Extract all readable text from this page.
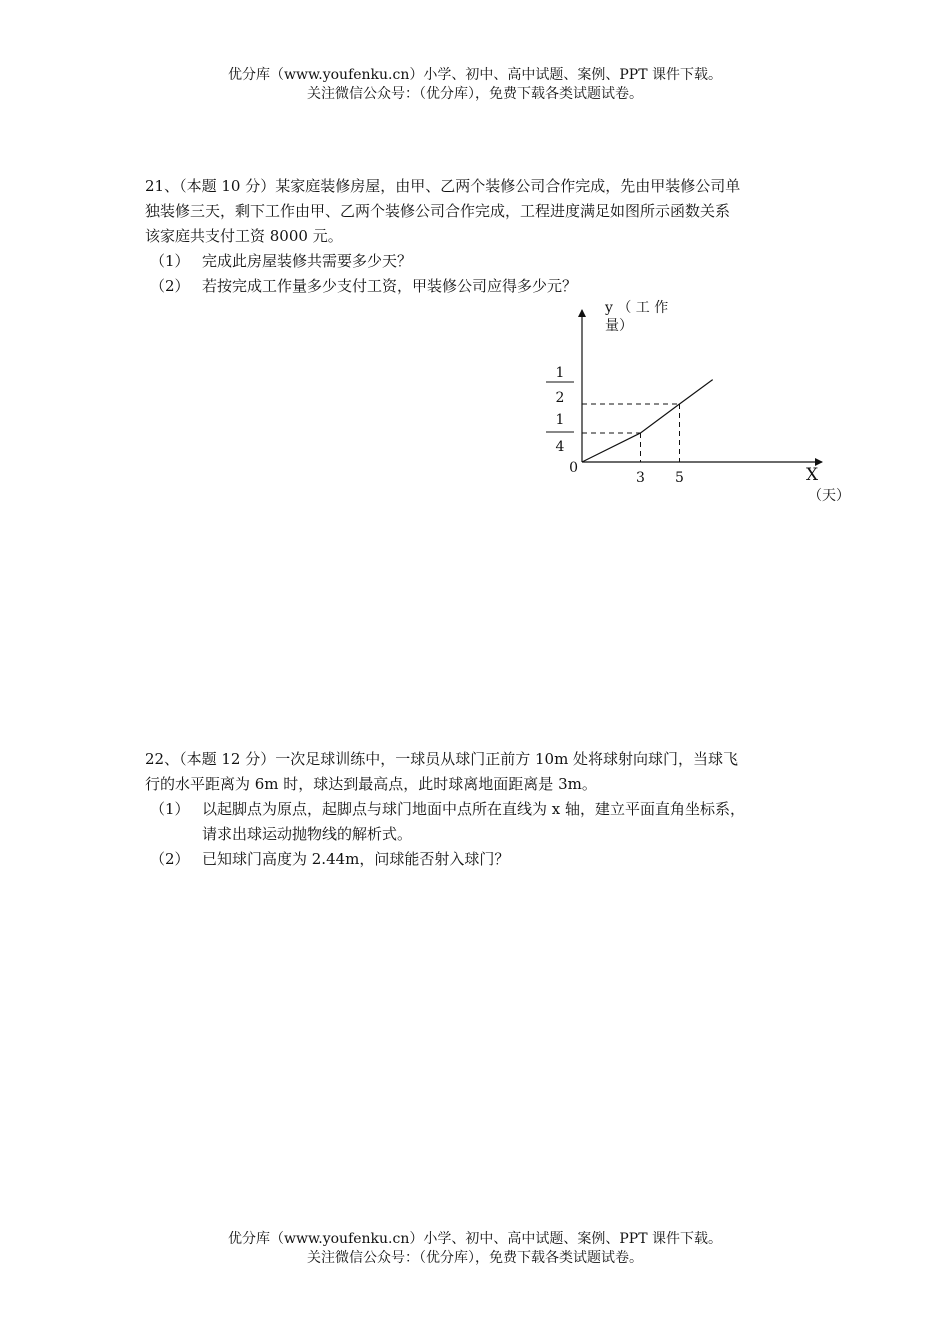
优分库（www.youfenku.cn）小学、初中、高中试题、案例、PPT 课件下载。
关注微信公众号：（优分库），免费下载各类试题试卷。
21、（本题 10 分）某家庭装修房屋，由甲、乙两个装修公司合作完成，先由甲装修公司单
独装修三天，剩下工作由甲、乙两个装修公司合作完成，工程进度满足如图所示函数关系
该家庭共支付工资 8000 元。
（1） 完成此房屋装修共需要多少天？
（2） 若按完成工作量多少支付工资，甲装修公司应得多少元？
y （ 工 作
量）
1
2
1
4
0
3 5	X
（天）
22、（本题 12 分）一次足球训练中，一球员从球门正前方 10m 处将球射向球门，当球飞
行的水平距离为 6m 时，球达到最高点，此时球离地面距离是 3m。
（1） 以起脚点为原点，起脚点与球门地面中点所在直线为 x 轴，建立平面直角坐标系，
请求出球运动抛物线的解析式。
（2） 已知球门高度为 2.44m，问球能否射入球门？
优分库（www.youfenku.cn）小学、初中、高中试题、案例、PPT 课件下载。
关注微信公众号：（优分库），免费下载各类试题试卷。
